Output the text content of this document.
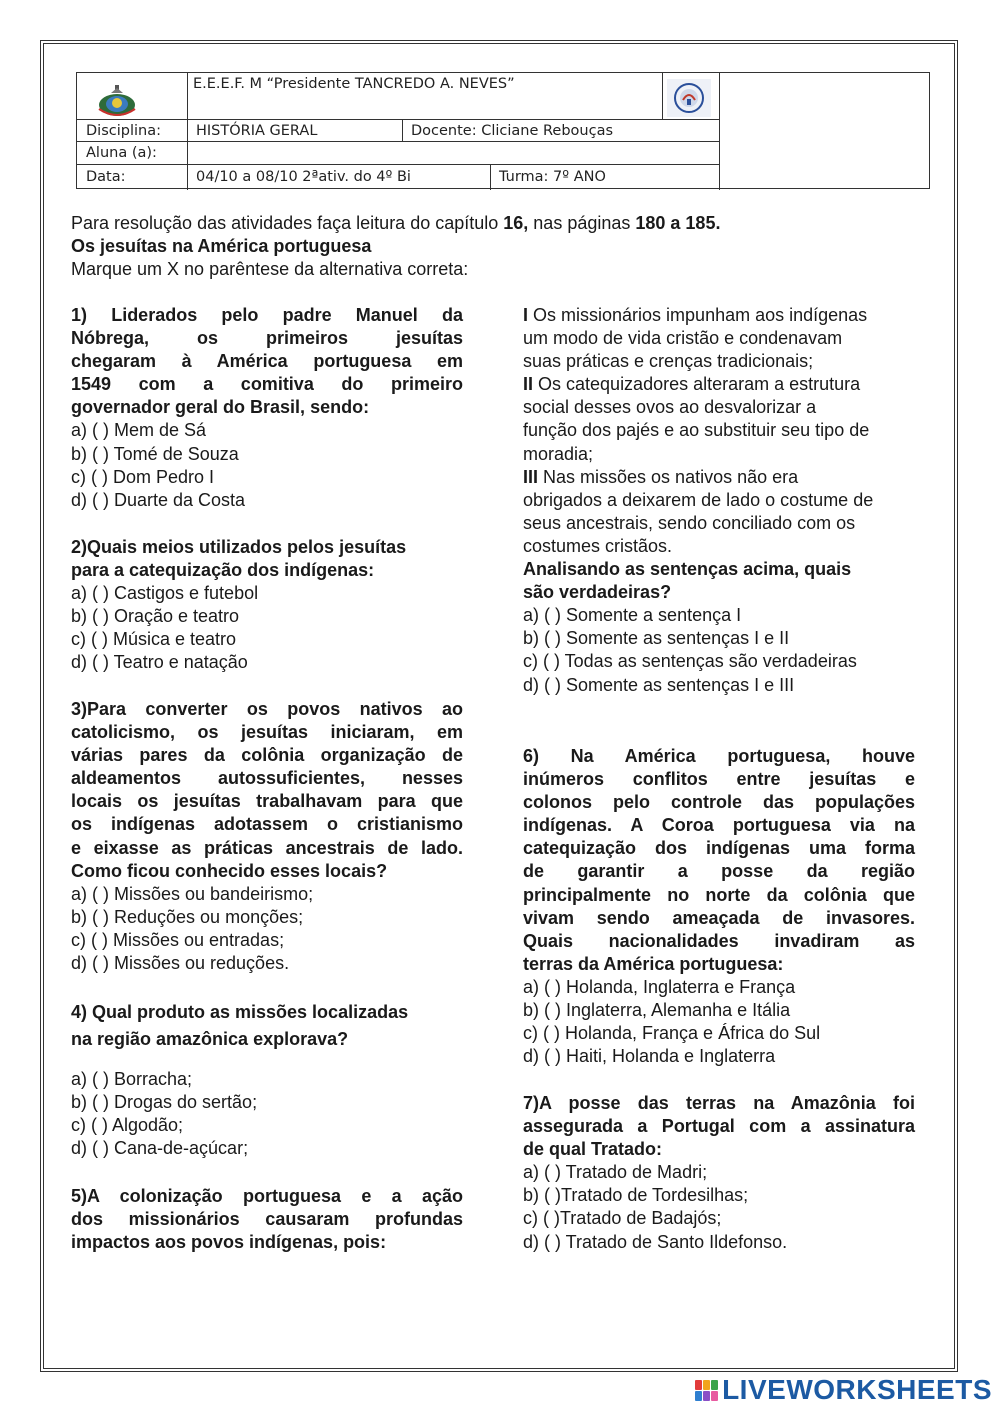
E.E.E.F. M “Presidente TANCREDO A. NEVES”
Disciplina:	HISTÓRIA GERAL	Docente: Cliciane Rebouças
Aluna (a):
Data:	04/10 a 08/10 2ªativ. do 4º Bi	Turma: 7º ANO
Para resolução das atividades faça leitura do capítulo 16, nas páginas 180 a 185.
Os jesuítas na América portuguesa
Marque um X no parêntese da alternativa correta:
1) Liderados pelo padre Manuel da
Nóbrega, os primeiros jesuítas
chegaram à América portuguesa em
1549 com a comitiva do primeiro
governador geral do Brasil, sendo:
a) ( ) Mem de Sá
b) ( ) Tomé de Souza
c) ( ) Dom Pedro I
d) ( ) Duarte da Costa
2)Quais meios utilizados pelos jesuítas
para a catequização dos indígenas:
a) ( ) Castigos e futebol
b) ( ) Oração e teatro
c) ( ) Música e teatro
d) ( ) Teatro e natação
3)Para converter os povos nativos ao
catolicismo, os jesuítas iniciaram, em
várias pares da colônia organização de
aldeamentos autossuficientes, nesses
locais os jesuítas trabalhavam para que
os indígenas adotassem o cristianismo
e eixasse as práticas ancestrais de lado.
Como ficou conhecido esses locais?
a) ( ) Missões ou bandeirismo;
b) ( ) Reduções ou monções;
c) ( ) Missões ou entradas;
d) ( ) Missões ou reduções.
4) Qual produto as missões localizadas
na região amazônica explorava?
a) ( ) Borracha;
b) ( ) Drogas do sertão;
c) ( ) Algodão;
d) ( ) Cana-de-açúcar;
5)A colonização portuguesa e a ação
dos missionários causaram profundas
impactos aos povos indígenas, pois:
I Os missionários impunham aos indígenas
um modo de vida cristão e condenavam
suas práticas e crenças tradicionais;
II Os catequizadores alteraram a estrutura
social desses ovos ao desvalorizar a
função dos pajés e ao substituir seu tipo de
moradia;
III Nas missões os nativos não era
obrigados a deixarem de lado o costume de
seus ancestrais, sendo conciliado com os
costumes cristãos.
Analisando as sentenças acima, quais
são verdadeiras?
a) ( ) Somente a sentença I
b) ( ) Somente as sentenças I e II
c) ( ) Todas as sentenças são verdadeiras
d) ( ) Somente as sentenças I e III
6) Na América portuguesa, houve
inúmeros conflitos entre jesuítas e
colonos pelo controle das populações
indígenas. A Coroa portuguesa via na
catequização dos indígenas uma forma
de garantir a posse da região
principalmente no norte da colônia que
vivam sendo ameaçada de invasores.
Quais nacionalidades invadiram as
terras da América portuguesa:
a) ( ) Holanda, Inglaterra e França
b) ( ) Inglaterra, Alemanha e Itália
c) ( ) Holanda, França e África do Sul
d) ( ) Haiti, Holanda e Inglaterra
7)A posse das terras na Amazônia foi
assegurada a Portugal com a assinatura
de qual Tratado:
a) ( ) Tratado de Madri;
b) ( )Tratado de Tordesilhas;
c) ( )Tratado de Badajós;
d) ( ) Tratado de Santo Ildefonso.
LIVEWORKSHEETS
